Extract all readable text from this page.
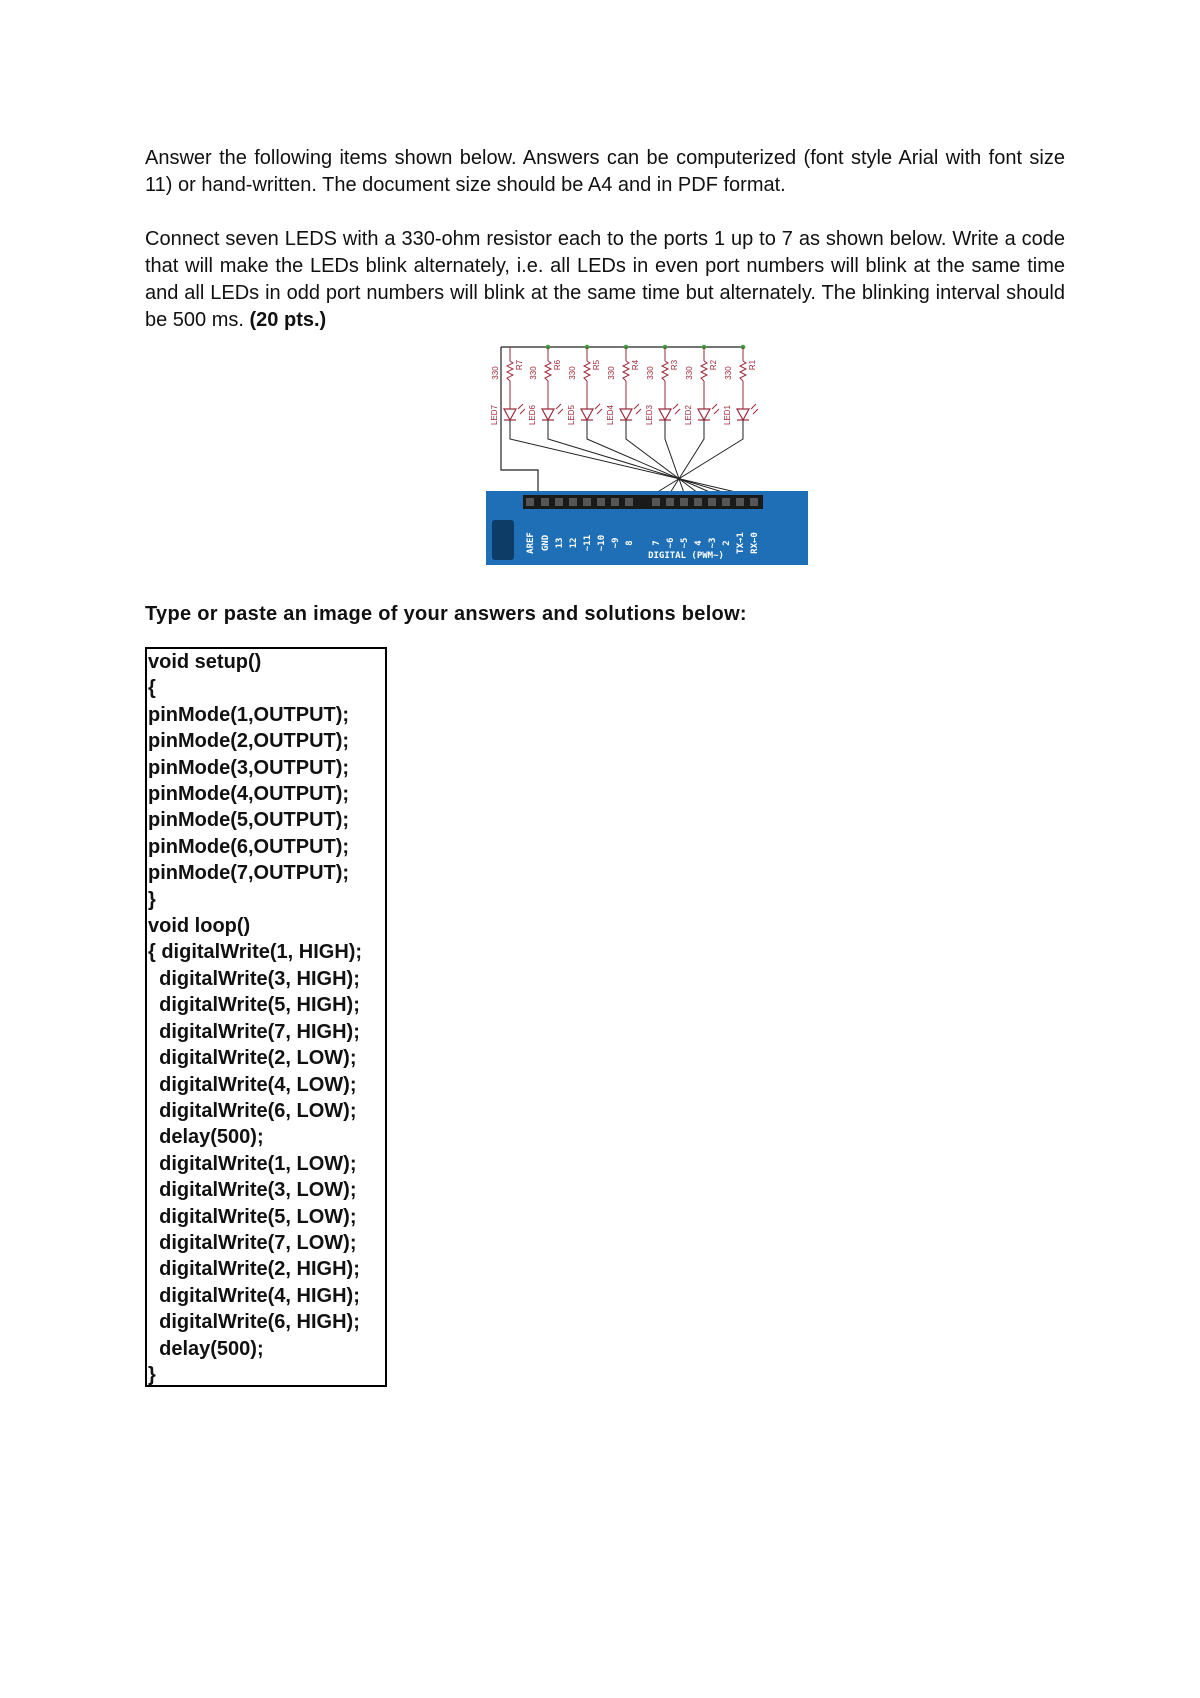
Answer the following items shown below. Answers can be computerized (font style Arial with font size 11) or hand-written. The document size should be A4 and in PDF format.

Connect seven LEDS with a 330-ohm resistor each to the ports 1 up to 7 as shown below. Write a code that will make the LEDs blink alternately, i.e. all LEDs in even port numbers will blink at the same time and all LEDs in odd port numbers will blink at the same time but alternately. The blinking interval should be 500 ms. (20 pts.)

330
R7
LED7
330
R6
LED6
330
R5
LED5
330
R4
LED4
330
R3
LED3
330
R2
LED2
330
R1
LED1
AREF GND 13 12 ~11 ~10 ~9 8 7 ~6 ~5 4 ~3 2 TX→1 RX←0
DIGITAL (PWM~)

Type or paste an image of your answers and solutions below:

void setup()
{
pinMode(1,OUTPUT);
pinMode(2,OUTPUT);
pinMode(3,OUTPUT);
pinMode(4,OUTPUT);
pinMode(5,OUTPUT);
pinMode(6,OUTPUT);
pinMode(7,OUTPUT);
}
void loop()
{ digitalWrite(1, HIGH);
digitalWrite(3, HIGH);
digitalWrite(5, HIGH);
digitalWrite(7, HIGH);
digitalWrite(2, LOW);
digitalWrite(4, LOW);
digitalWrite(6, LOW);
delay(500);
digitalWrite(1, LOW);
digitalWrite(3, LOW);
digitalWrite(5, LOW);
digitalWrite(7, LOW);
digitalWrite(2, HIGH);
digitalWrite(4, HIGH);
digitalWrite(6, HIGH);
delay(500);
}
